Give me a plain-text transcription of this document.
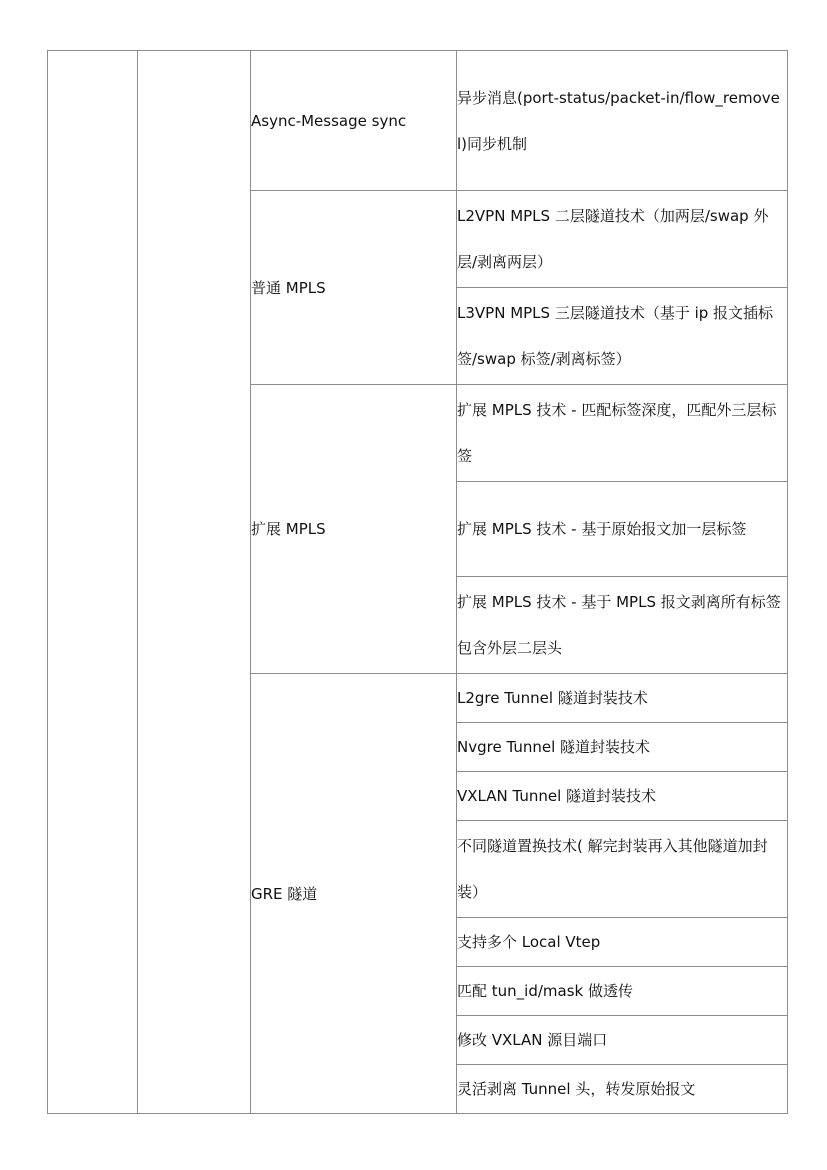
		Async-Message sync	异步消息(port-status/packet-in/flow_removel)同步机制
		普通 MPLS	L2VPN MPLS 二层隧道技术（加两层/swap 外层/剥离两层）
			L3VPN MPLS 三层隧道技术（基于 ip 报文插标签/swap 标签/剥离标签）
		扩展 MPLS	扩展 MPLS 技术 - 匹配标签深度，匹配外三层标签
			扩展 MPLS 技术 - 基于原始报文加一层标签
			扩展 MPLS 技术 - 基于 MPLS 报文剥离所有标签包含外层二层头
		GRE 隧道	L2gre Tunnel 隧道封装技术
			Nvgre Tunnel 隧道封装技术
			VXLAN Tunnel 隧道封装技术
			不同隧道置换技术( 解完封装再入其他隧道加封装）
			支持多个 Local Vtep
			匹配 tun_id/mask 做透传
			修改 VXLAN 源目端口
			灵活剥离 Tunnel 头，转发原始报文
